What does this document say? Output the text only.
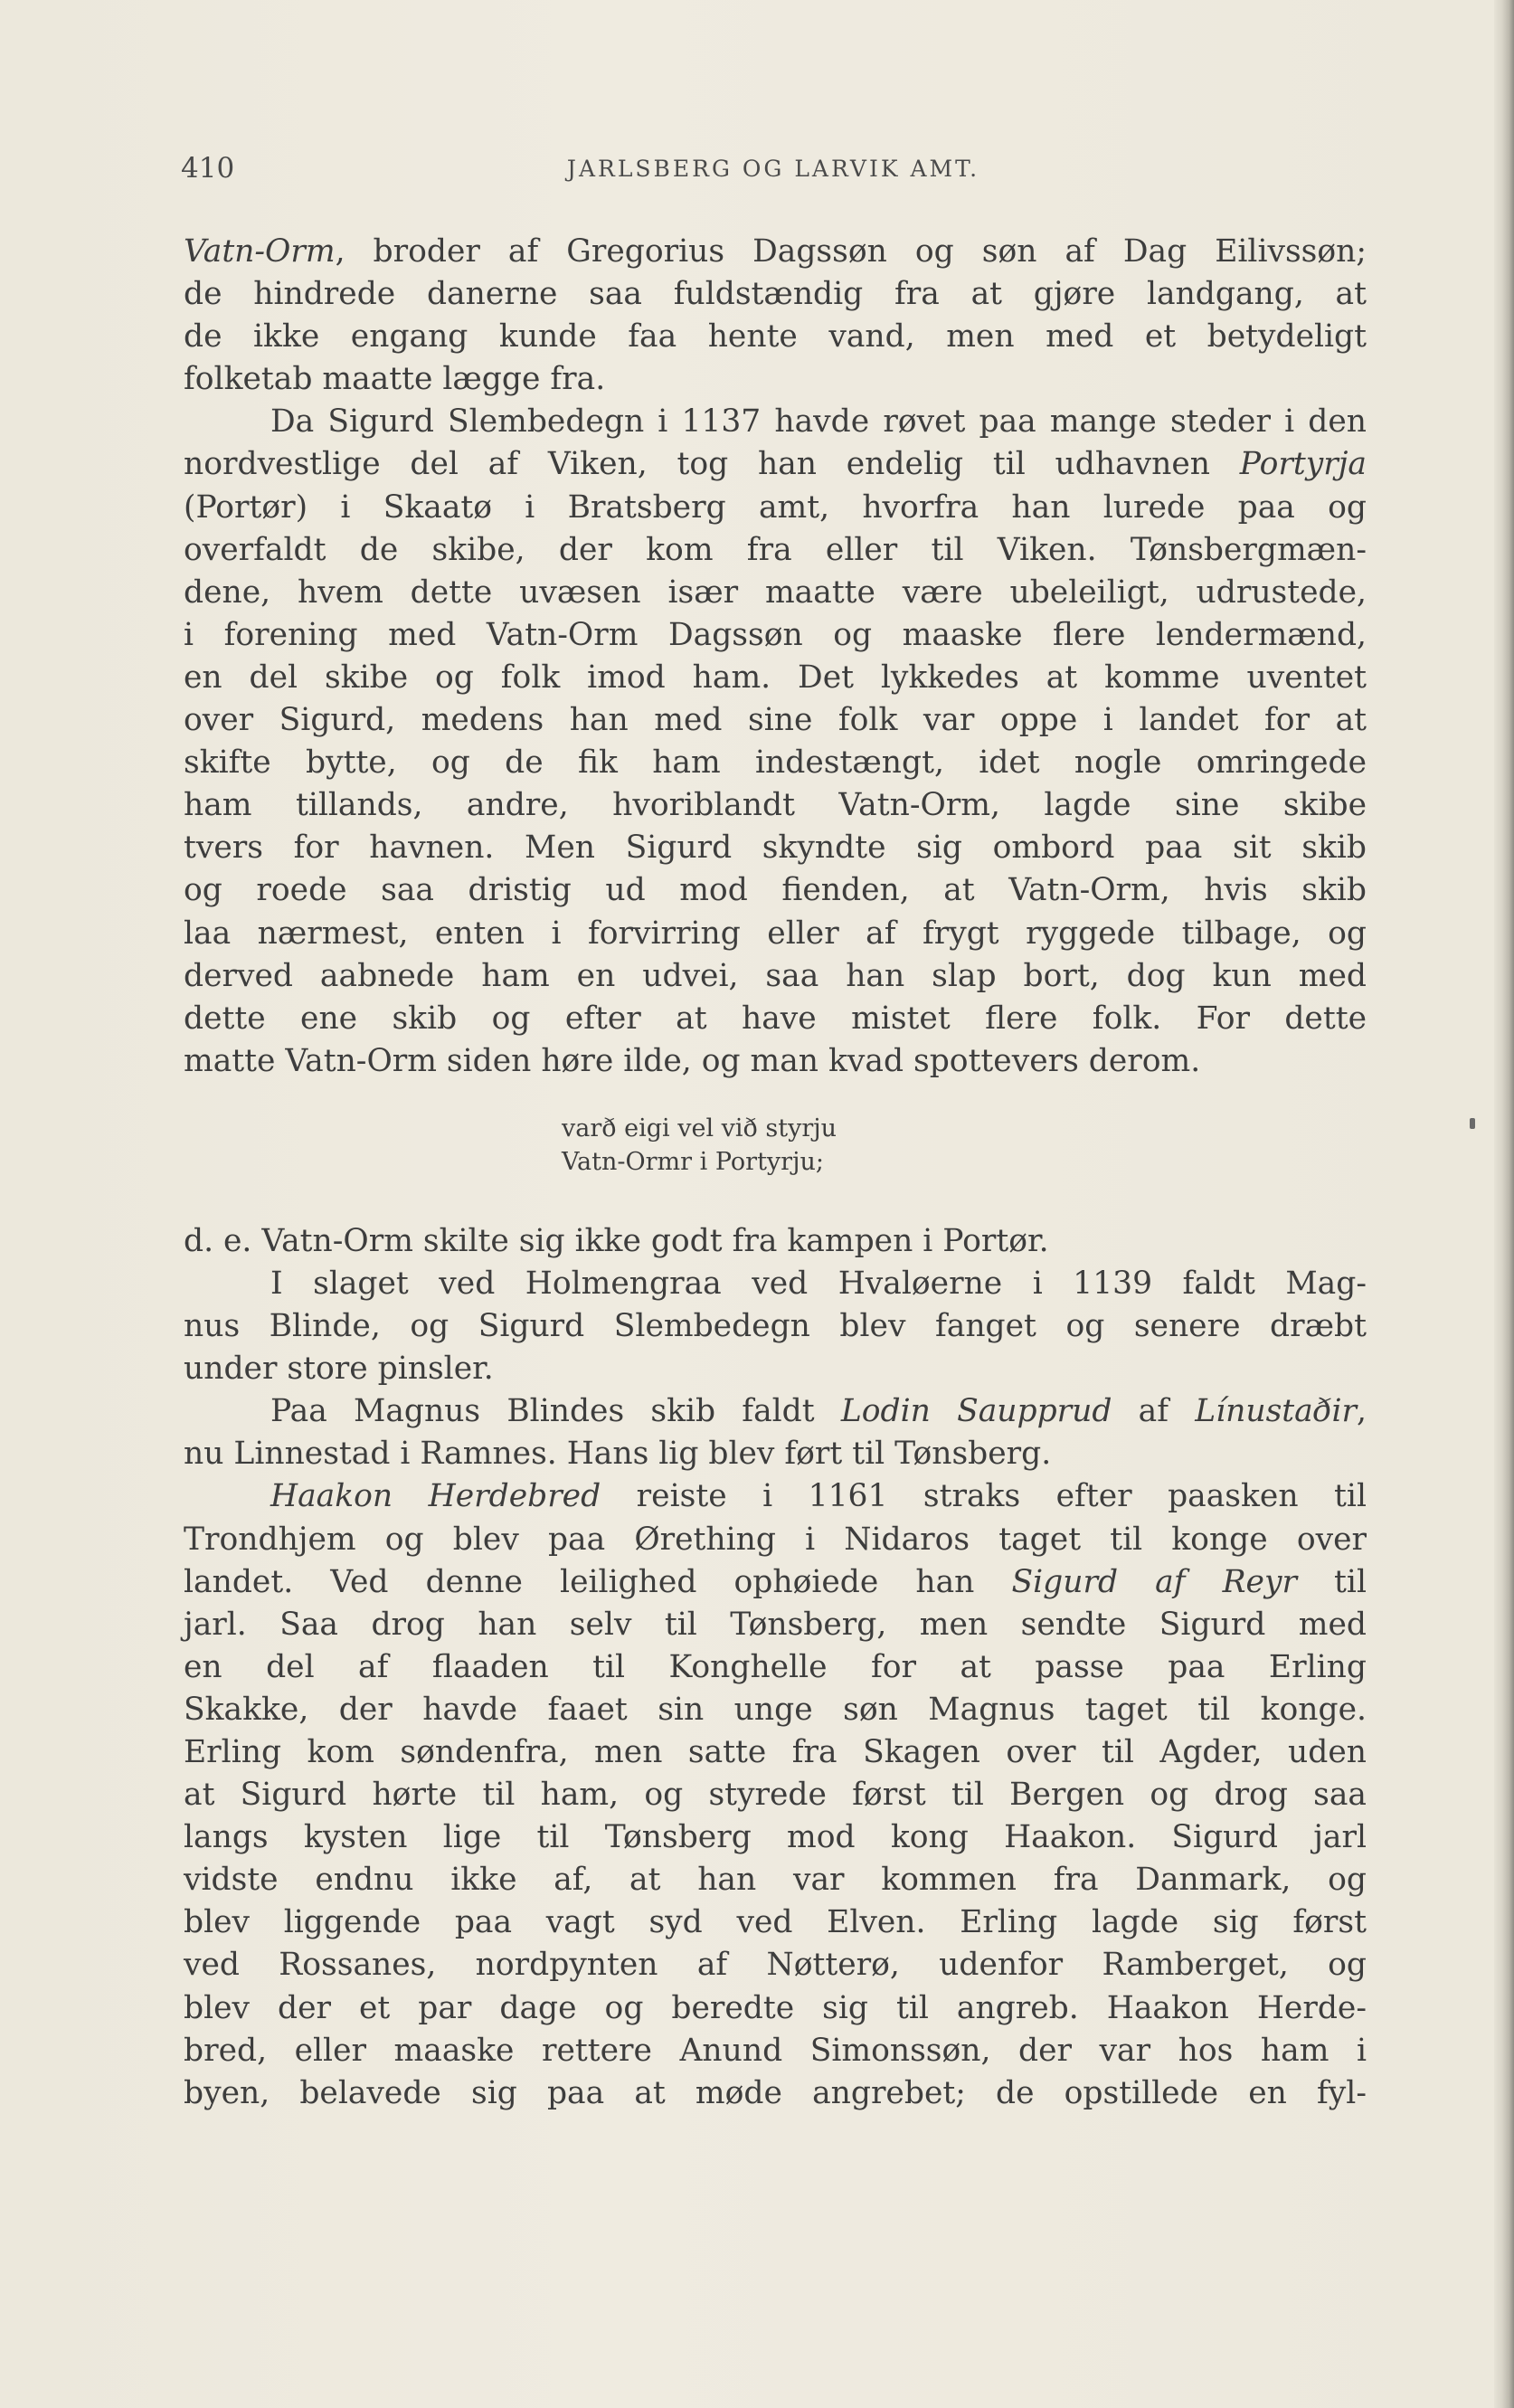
410	JARLSBERG OG LARVIK AMT.
Vatn-Orm, broder af Gregorius Dagssøn og søn af Dag Eilivssøn;
de hindrede danerne saa fuldstændig fra at gjøre landgang, at
de ikke engang kunde faa hente vand, men med et betydeligt
folketab maatte lægge fra.
Da Sigurd Slembedegn i 1137 havde røvet paa mange steder i den
nordvestlige del af Viken, tog han endelig til udhavnen Portyrja
(Portør) i Skaatø i Bratsberg amt, hvorfra han lurede paa og
overfaldt de skibe, der kom fra eller til Viken. Tønsbergmæn-
dene, hvem dette uvæsen især maatte være ubeleiligt, udrustede,
i forening med Vatn-Orm Dagssøn og maaske flere lendermænd,
en del skibe og folk imod ham. Det lykkedes at komme uventet
over Sigurd, medens han med sine folk var oppe i landet for at
skifte bytte, og de fik ham indestængt, idet nogle omringede
ham tillands, andre, hvoriblandt Vatn-Orm, lagde sine skibe
tvers for havnen. Men Sigurd skyndte sig ombord paa sit skib
og roede saa dristig ud mod fienden, at Vatn-Orm, hvis skib
laa nærmest, enten i forvirring eller af frygt ryggede tilbage, og
derved aabnede ham en udvei, saa han slap bort, dog kun med
dette ene skib og efter at have mistet flere folk. For dette
matte Vatn-Orm siden høre ilde, og man kvad spottevers derom.
varð eigi vel við styrju
Vatn-Ormr i Portyrju;
d. e. Vatn-Orm skilte sig ikke godt fra kampen i Portør.
I slaget ved Holmengraa ved Hvaløerne i 1139 faldt Mag-
nus Blinde, og Sigurd Slembedegn blev fanget og senere dræbt
under store pinsler.
Paa Magnus Blindes skib faldt Lodin Saupprud af Línustaðir,
nu Linnestad i Ramnes. Hans lig blev ført til Tønsberg.
Haakon Herdebred reiste i 1161 straks efter paasken til
Trondhjem og blev paa Ørething i Nidaros taget til konge over
landet. Ved denne leilighed ophøiede han Sigurd af Reyr til
jarl. Saa drog han selv til Tønsberg, men sendte Sigurd med
en del af flaaden til Konghelle for at passe paa Erling
Skakke, der havde faaet sin unge søn Magnus taget til konge.
Erling kom søndenfra, men satte fra Skagen over til Agder, uden
at Sigurd hørte til ham, og styrede først til Bergen og drog saa
langs kysten lige til Tønsberg mod kong Haakon. Sigurd jarl
vidste endnu ikke af, at han var kommen fra Danmark, og
blev liggende paa vagt syd ved Elven. Erling lagde sig først
ved Rossanes, nordpynten af Nøtterø, udenfor Ramberget, og
blev der et par dage og beredte sig til angreb. Haakon Herde-
bred, eller maaske rettere Anund Simonssøn, der var hos ham i
byen, belavede sig paa at møde angrebet; de opstillede en fyl-
